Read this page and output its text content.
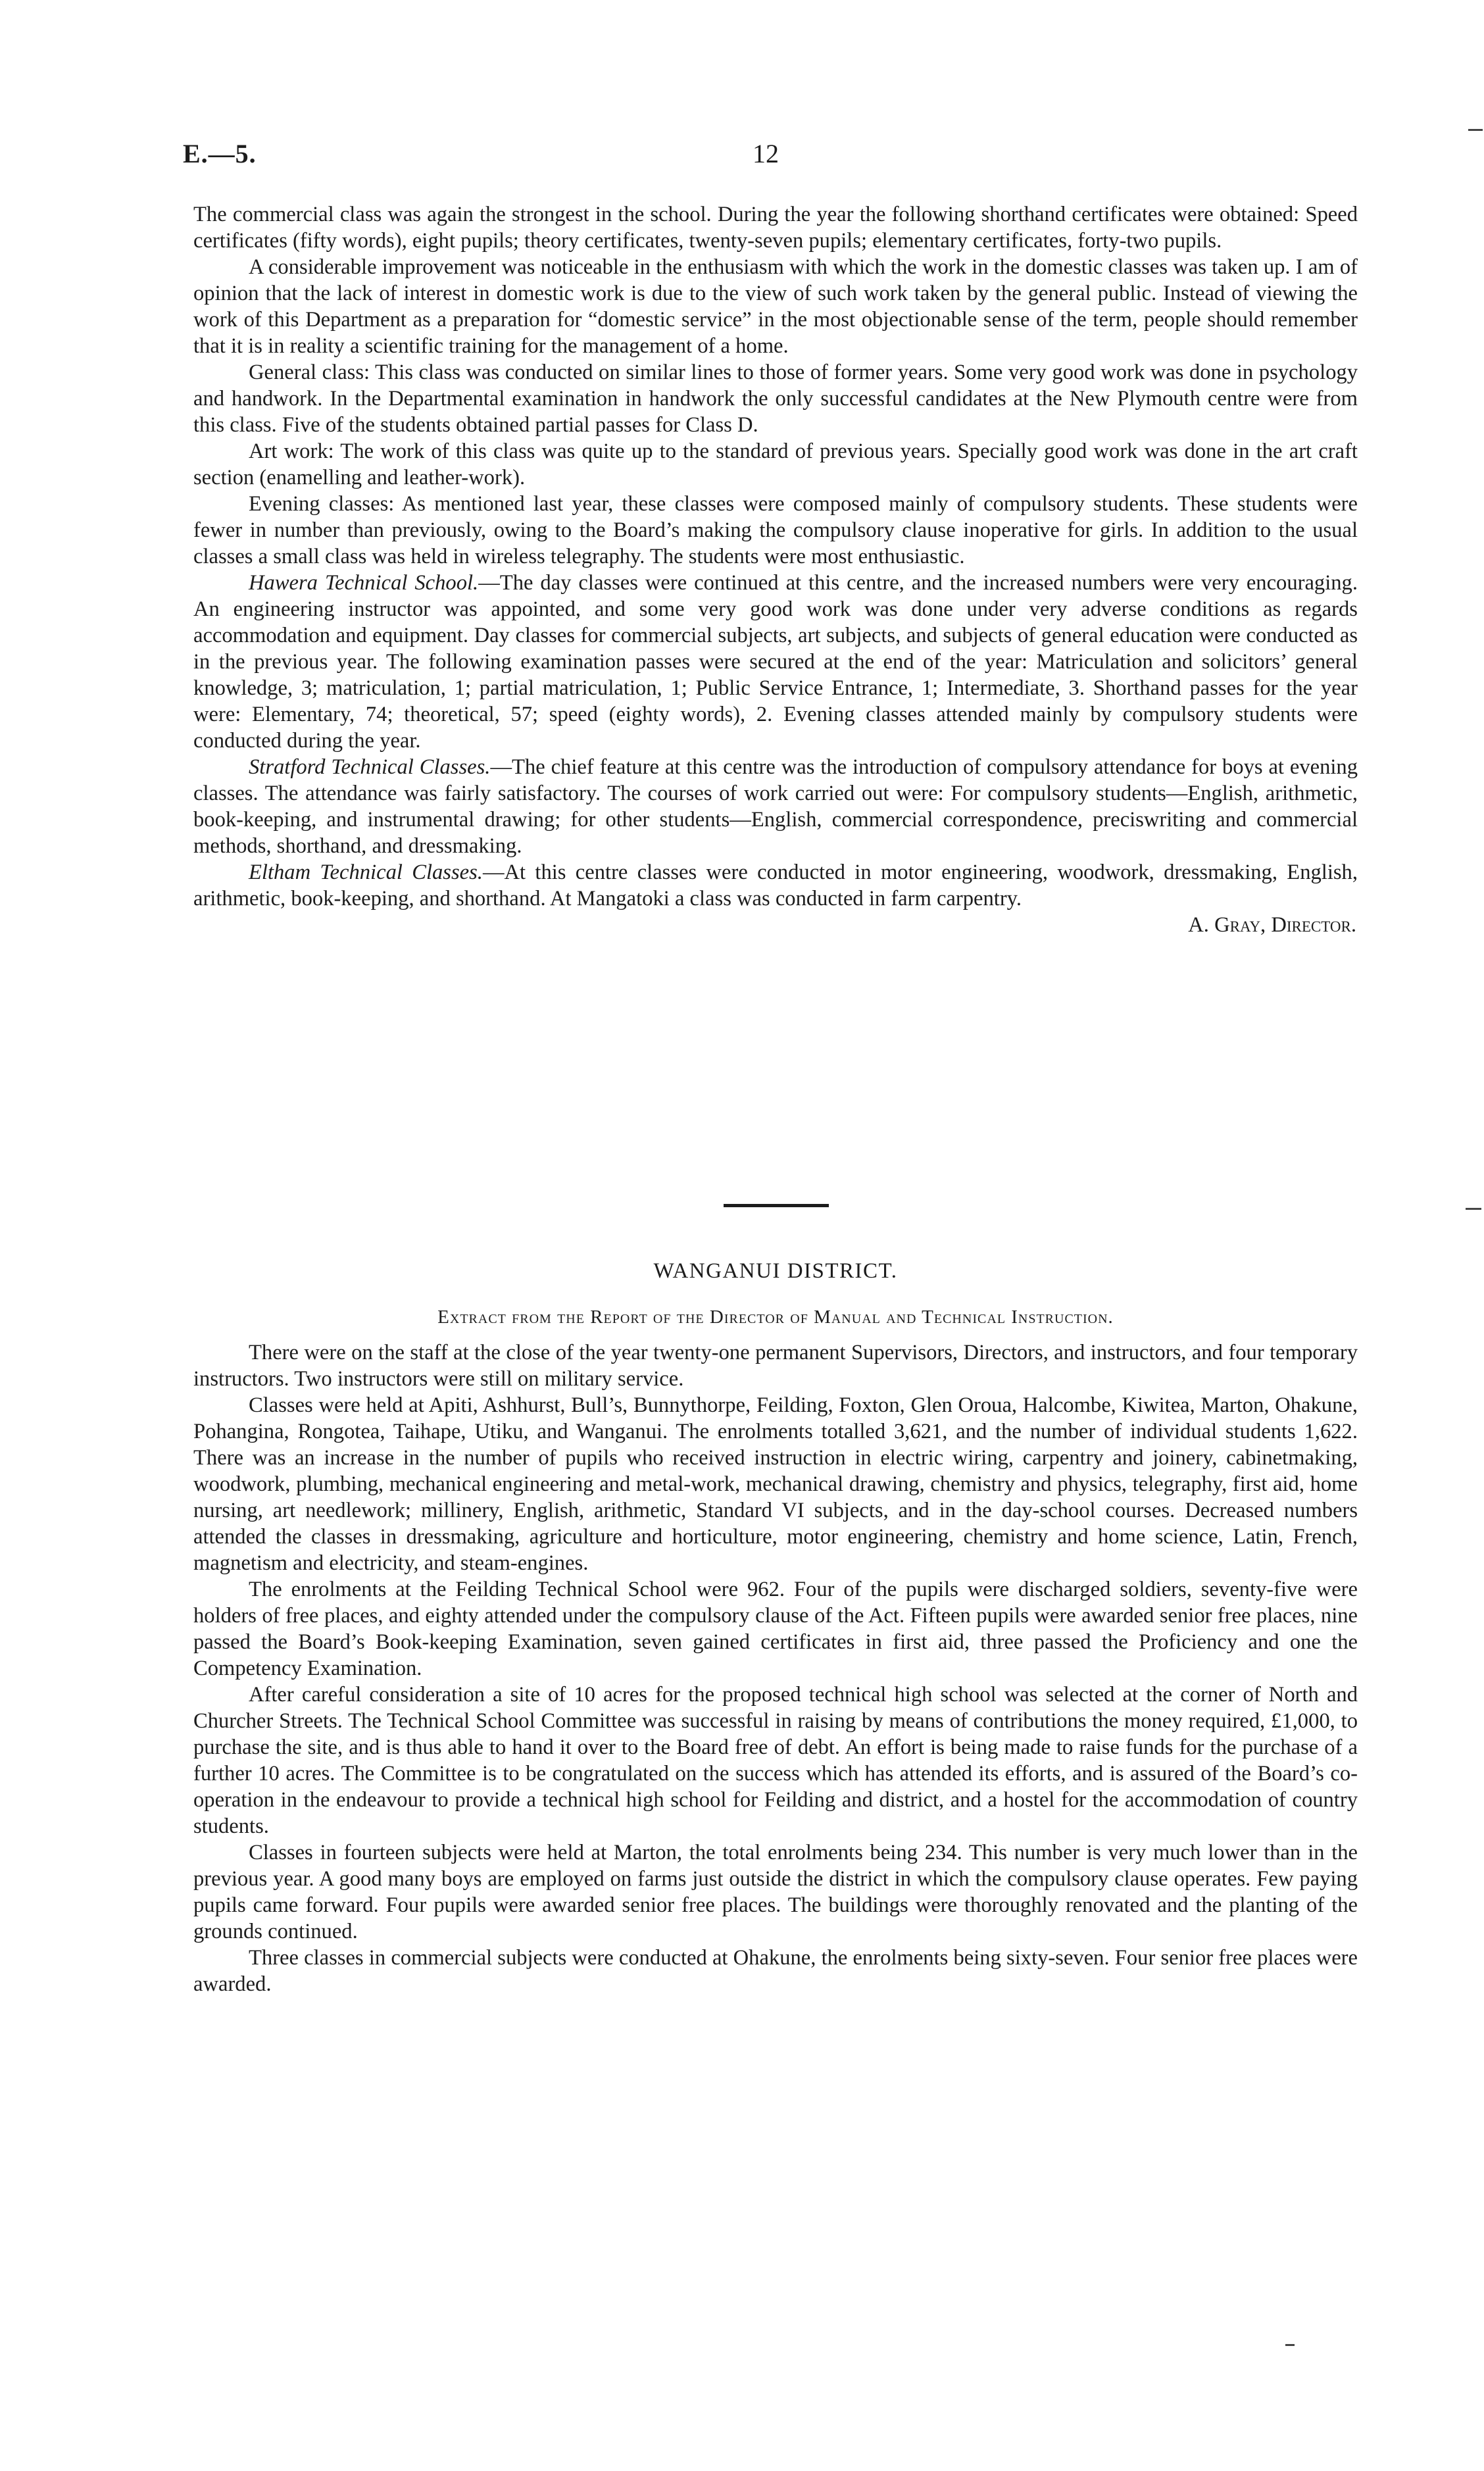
E.—5.	12

The commercial class was again the strongest in the school. During the year the following shorthand certificates were obtained: Speed certificates (fifty words), eight pupils; theory certificates, twenty-seven pupils; elementary certificates, forty-two pupils.

A considerable improvement was noticeable in the enthusiasm with which the work in the domestic classes was taken up. I am of opinion that the lack of interest in domestic work is due to the view of such work taken by the general public. Instead of viewing the work of this Department as a preparation for “domestic service” in the most objectionable sense of the term, people should remember that it is in reality a scientific training for the management of a home.

General class: This class was conducted on similar lines to those of former years. Some very good work was done in psychology and handwork. In the Departmental examination in handwork the only successful candidates at the New Plymouth centre were from this class. Five of the students obtained partial passes for Class D.

Art work: The work of this class was quite up to the standard of previous years. Specially good work was done in the art craft section (enamelling and leather-work).

Evening classes: As mentioned last year, these classes were composed mainly of compulsory students. These students were fewer in number than previously, owing to the Board’s making the compulsory clause inoperative for girls. In addition to the usual classes a small class was held in wireless telegraphy. The students were most enthusiastic.

Hawera Technical School.—The day classes were continued at this centre, and the increased numbers were very encouraging. An engineering instructor was appointed, and some very good work was done under very adverse conditions as regards accommodation and equipment. Day classes for commercial subjects, art subjects, and subjects of general education were conducted as in the previous year. The following examination passes were secured at the end of the year: Matriculation and solicitors’ general knowledge, 3; matriculation, 1; partial matriculation, 1; Public Service Entrance, 1; Intermediate, 3. Shorthand passes for the year were: Elementary, 74; theoretical, 57; speed (eighty words), 2. Evening classes attended mainly by compulsory students were conducted during the year.

Stratford Technical Classes.—The chief feature at this centre was the introduction of compulsory attendance for boys at evening classes. The attendance was fairly satisfactory. The courses of work carried out were: For compulsory students—English, arithmetic, book-keeping, and instrumental drawing; for other students—English, commercial correspondence, preciswriting and commercial methods, shorthand, and dressmaking.

Eltham Technical Classes.—At this centre classes were conducted in motor engineering, woodwork, dressmaking, English, arithmetic, book-keeping, and shorthand. At Mangatoki a class was conducted in farm carpentry.

A. Gray, Director.

WANGANUI DISTRICT.
Extract from the Report of the Director of Manual and Technical Instruction.

There were on the staff at the close of the year twenty-one permanent Supervisors, Directors, and instructors, and four temporary instructors. Two instructors were still on military service.

Classes were held at Apiti, Ashhurst, Bull’s, Bunnythorpe, Feilding, Foxton, Glen Oroua, Halcombe, Kiwitea, Marton, Ohakune, Pohangina, Rongotea, Taihape, Utiku, and Wanganui. The enrolments totalled 3,621, and the number of individual students 1,622. There was an increase in the number of pupils who received instruction in electric wiring, carpentry and joinery, cabinetmaking, woodwork, plumbing, mechanical engineering and metal-work, mechanical drawing, chemistry and physics, telegraphy, first aid, home nursing, art needlework; millinery, English, arithmetic, Standard VI subjects, and in the day-school courses. Decreased numbers attended the classes in dressmaking, agriculture and horticulture, motor engineering, chemistry and home science, Latin, French, magnetism and electricity, and steam-engines.

The enrolments at the Feilding Technical School were 962. Four of the pupils were discharged soldiers, seventy-five were holders of free places, and eighty attended under the compulsory clause of the Act. Fifteen pupils were awarded senior free places, nine passed the Board’s Book-keeping Examination, seven gained certificates in first aid, three passed the Proficiency and one the Competency Examination.

After careful consideration a site of 10 acres for the proposed technical high school was selected at the corner of North and Churcher Streets. The Technical School Committee was successful in raising by means of contributions the money required, £1,000, to purchase the site, and is thus able to hand it over to the Board free of debt. An effort is being made to raise funds for the purchase of a further 10 acres. The Committee is to be congratulated on the success which has attended its efforts, and is assured of the Board’s co-operation in the endeavour to provide a technical high school for Feilding and district, and a hostel for the accommodation of country students.

Classes in fourteen subjects were held at Marton, the total enrolments being 234. This number is very much lower than in the previous year. A good many boys are employed on farms just outside the district in which the compulsory clause operates. Few paying pupils came forward. Four pupils were awarded senior free places. The buildings were thoroughly renovated and the planting of the grounds continued.

Three classes in commercial subjects were conducted at Ohakune, the enrolments being sixty-seven. Four senior free places were awarded.
